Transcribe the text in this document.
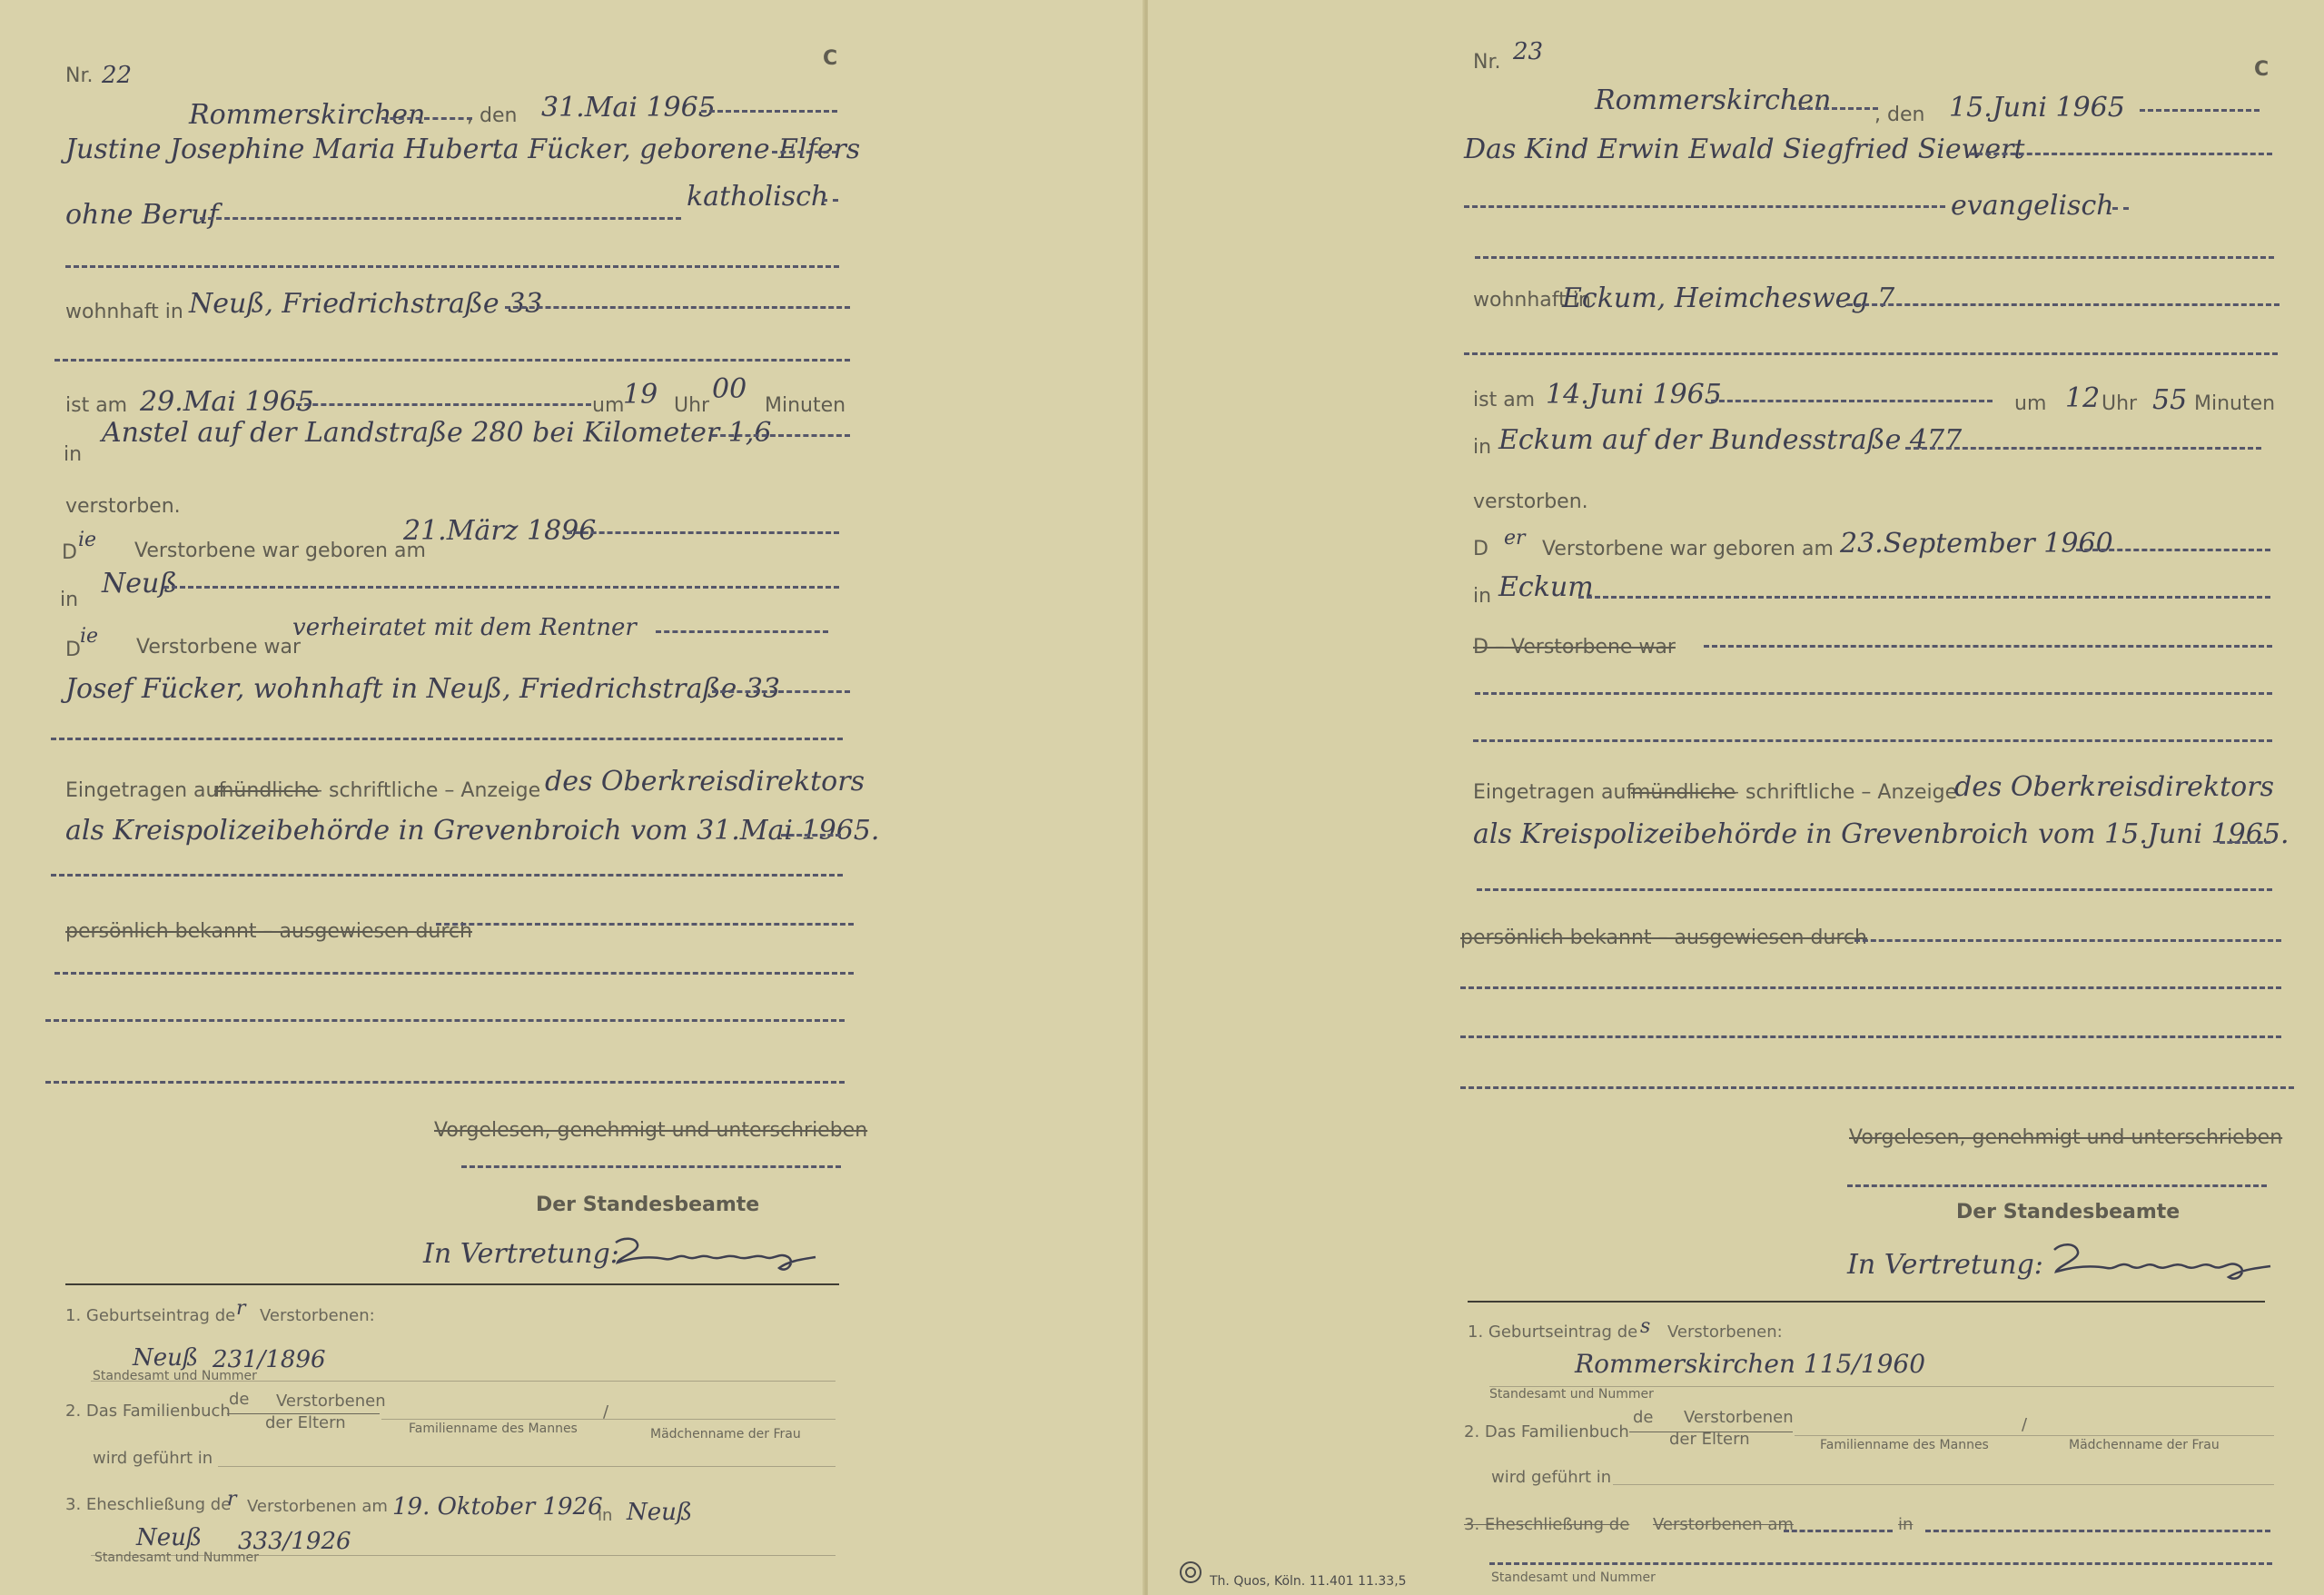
Nr. 22
C
Rommerskirchen , den 31.Mai 1965
Justine Josephine Maria Huberta Fücker, geborene Elfers
ohne Beruf
katholisch
wohnhaft in Neuß, Friedrichstraße 33
ist am 29.Mai 1965	um
19 Uhr
00
Minuten
in
Anstel auf der Landstraße 280 bei Kilometer 1,6
verstorben.
D
ie Verstorbene war geboren am
21.März 1896
in
Neuß
D
ie Verstorbene war
verheiratet mit dem Rentner
Josef Fücker, wohnhaft in Neuß, Friedrichstraße 33
Eingetragen auf
mündliche
– schriftliche – Anzeige des Oberkreisdirektors
als Kreispolizeibehörde in Grevenbroich vom 31.Mai 1965.
persönlich bekannt – ausgewiesen durch
Vorgelesen, genehmigt und unterschrieben
Der Standesbeamte
In Vertretung:
1. Geburtseintrag de r Verstorbenen:
Neuß 231/1896
Standesamt und Nummer
2. Das Familienbuch
de Verstorbenen
der Eltern	Familienname des Mannes
/
Mädchenname der Frau
wird geführt in
3. Eheschließung de
r Verstorbenen am 19. Oktober 1926
in Neuß
Neuß 333/1926
Standesamt und Nummer
Nr. 23
C
Rommerskirchen , den 15.Juni 1965
Das Kind Erwin Ewald Siegfried Siewert
evangelisch
wohnhaft in
Eckum, Heimchesweg 7
ist am 14.Juni 1965	um 12 Uhr 55 Minuten
in Eckum auf der Bundesstraße 477
verstorben.
D er Verstorbene war geboren am 23.September 1960
in Eckum
D – Verstorbene war
Eingetragen auf
mündliche
– schriftliche – Anzeige
des Oberkreisdirektors
als Kreispolizeibehörde in Grevenbroich vom 15.Juni 1965.
persönlich bekannt – ausgewiesen durch
Vorgelesen, genehmigt und unterschrieben
Der Standesbeamte
In Vertretung:
1. Geburtseintrag de s Verstorbenen:
Rommerskirchen 115/1960
Standesamt und Nummer
2. Das Familienbuch
de Verstorbenen
der Eltern	Familienname des Mannes
/
Mädchenname der Frau
wird geführt in
3. Eheschließung de Verstorbenen am	in
Standesamt und Nummer
Th. Quos, Köln. 11.401 11.33,5
